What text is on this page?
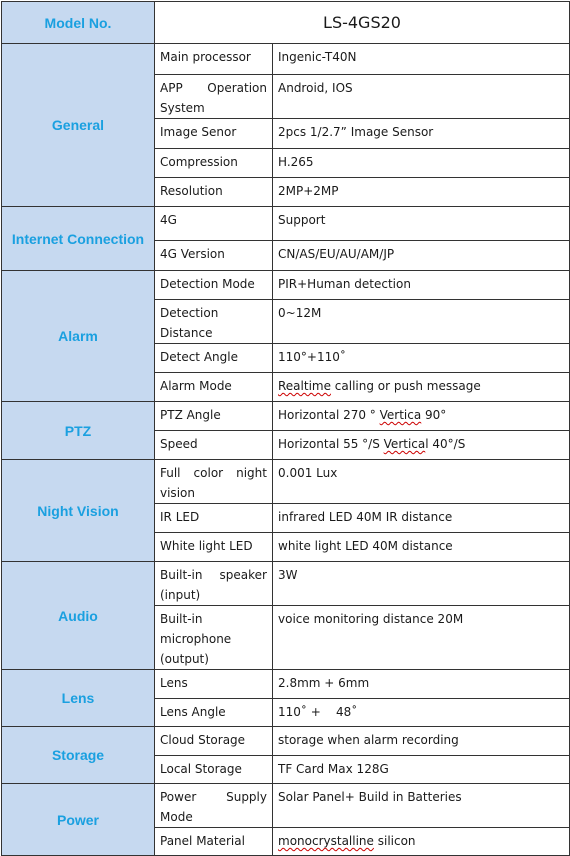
Model No.	LS-4GS20	
General	Main processor	Ingenic-T40N
	APP Operation System	Android, IOS
	Image Senor	2pcs 1/2.7” Image Sensor
	Compression	H.265
	Resolution	2MP+2MP
Internet Connection	4G	Support
	4G Version	CN/AS/EU/AU/AM/JP
Alarm	Detection Mode	PIR+Human detection
	Detection Distance	0~12M
	Detect Angle	110°+110˚
	Alarm Mode	Realtime calling or push message
PTZ	PTZ Angle	Horizontal 270 ° Vertica 90°
	Speed	Horizontal 55 °/S Vertical 40°/S
Night Vision	Full color night vision	0.001 Lux
	IR LED	infrared LED 40M IR distance
	White light LED	white light LED 40M distance
Audio	Built-in speaker (input)	3W
	Built-in microphone (output)	voice monitoring distance 20M
Lens	Lens	2.8mm + 6mm
	Lens Angle	110˚ +    48˚
Storage	Cloud Storage	storage when alarm recording
	Local Storage	TF Card Max 128G
Power	Power Supply Mode	Solar Panel+ Build in Batteries
	Panel Material	monocrystalline silicon
